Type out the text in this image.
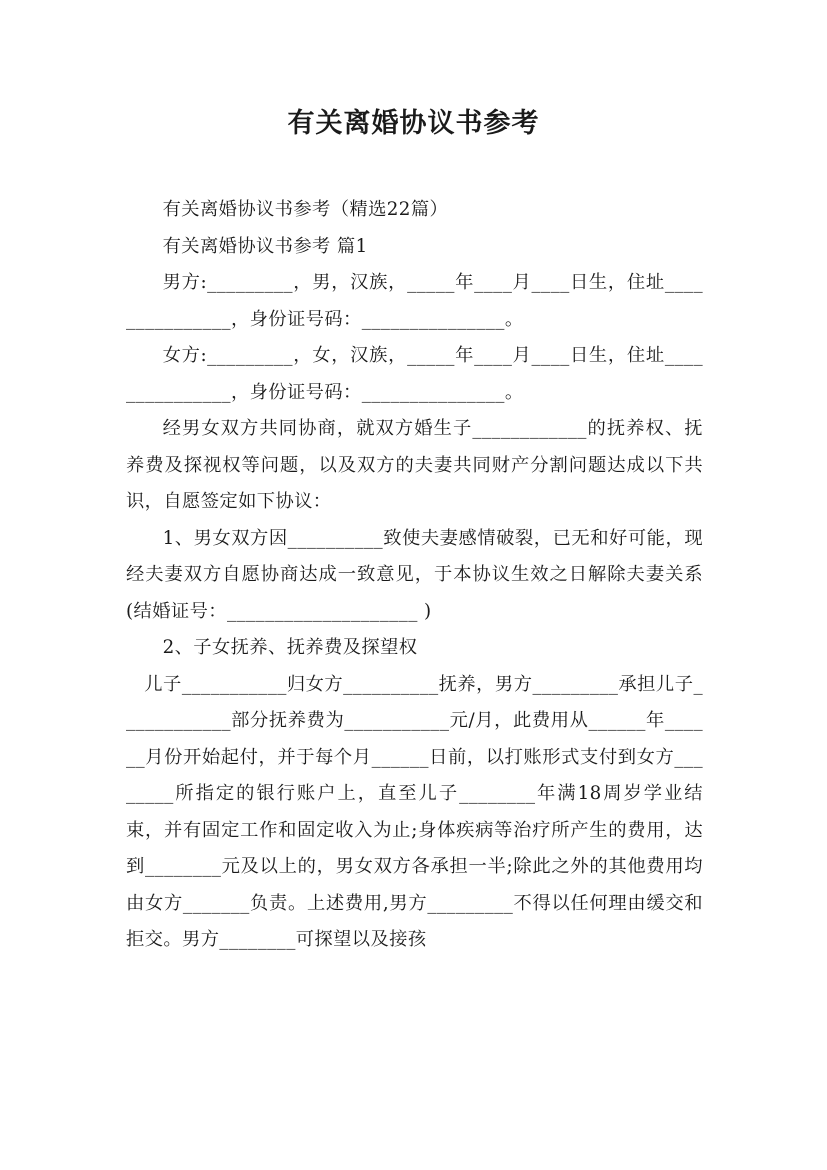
有关离婚协议书参考

有关离婚协议书参考（精选22篇）

有关离婚协议书参考 篇1

男方:_________，男，汉族，_____年____月____日生，住址_______________，身份证号码：_______________。

女方:_________，女，汉族，_____年____月____日生，住址_______________，身份证号码：_______________。

经男女双方共同协商，就双方婚生子____________的抚养权、抚养费及探视权等问题，以及双方的夫妻共同财产分割问题达成以下共识，自愿签定如下协议：

1、男女双方因__________致使夫妻感情破裂，已无和好可能，现经夫妻双方自愿协商达成一致意见，于本协议生效之日解除夫妻关系(结婚证号：____________________ )

2、子女抚养、抚养费及探望权

儿子___________归女方__________抚养，男方_________承担儿子____________部分抚养费为___________元/月，此费用从______年______月份开始起付，并于每个月______日前，以打账形式支付到女方________所指定的银行账户上，直至儿子________年满18周岁学业结束，并有固定工作和固定收入为止;身体疾病等治疗所产生的费用，达到________元及以上的，男女双方各承担一半;除此之外的其他费用均由女方_______负责。上述费用,男方_________不得以任何理由缓交和拒交。男方________可探望以及接孩
